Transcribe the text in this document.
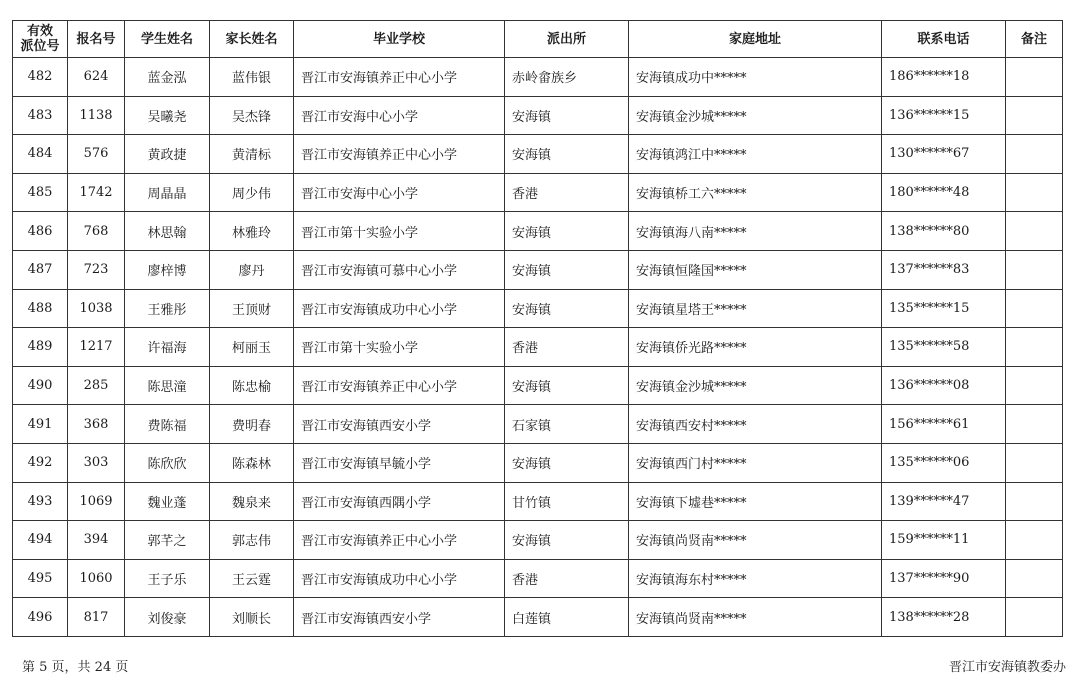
有效
派位号	报名号	学生姓名	家长姓名	毕业学校	派出所	家庭地址	联系电话	备注
482	624	蓝金泓	蓝伟银	晋江市安海镇养正中心小学	赤岭畲族乡	安海镇成功中*****	186******18	
483	1138	吴曦尧	吴杰锋	晋江市安海中心小学	安海镇	安海镇金沙城*****	136******15	
484	576	黄政捷	黄清标	晋江市安海镇养正中心小学	安海镇	安海镇鸿江中*****	130******67	
485	1742	周晶晶	周少伟	晋江市安海中心小学	香港	安海镇桥工六*****	180******48	
486	768	林思翰	林雅玲	晋江市第十实验小学	安海镇	安海镇海八南*****	138******80	
487	723	廖梓博	廖丹	晋江市安海镇可慕中心小学	安海镇	安海镇恒隆国*****	137******83	
488	1038	王雅彤	王顶财	晋江市安海镇成功中心小学	安海镇	安海镇星塔王*****	135******15	
489	1217	许福海	柯丽玉	晋江市第十实验小学	香港	安海镇侨光路*****	135******58	
490	285	陈思潼	陈忠榆	晋江市安海镇养正中心小学	安海镇	安海镇金沙城*****	136******08	
491	368	费陈福	费明春	晋江市安海镇西安小学	石家镇	安海镇西安村*****	156******61	
492	303	陈欣欣	陈森林	晋江市安海镇早毓小学	安海镇	安海镇西门村*****	135******06	
493	1069	魏业蓬	魏泉来	晋江市安海镇西隅小学	甘竹镇	安海镇下墟巷*****	139******47	
494	394	郭芊之	郭志伟	晋江市安海镇养正中心小学	安海镇	安海镇尚贤南*****	159******11	
495	1060	王子乐	王云霆	晋江市安海镇成功中心小学	香港	安海镇海东村*****	137******90	
496	817	刘俊豪	刘顺长	晋江市安海镇西安小学	白莲镇	安海镇尚贤南*****	138******28	
第 5 页，共 24 页	晋江市安海镇教委办
